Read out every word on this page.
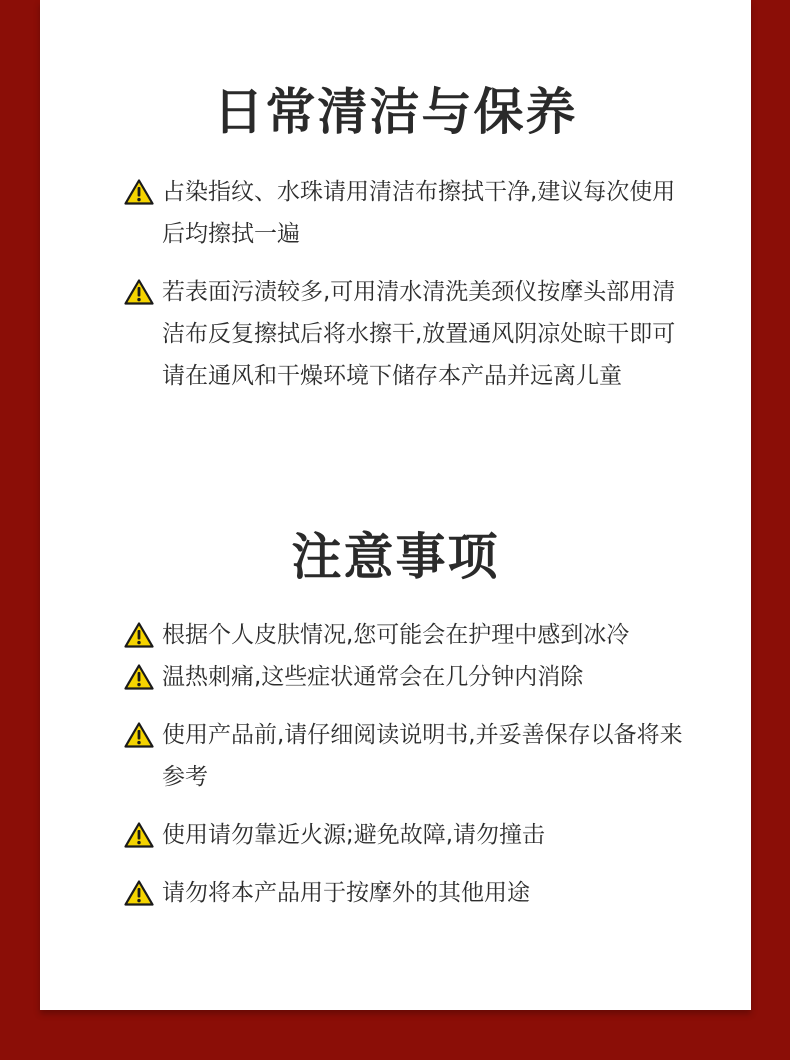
日常清洁与保养
占染指纹、水珠请用清洁布擦拭干净,建议每次使用后均擦拭一遍
若表面污渍较多,可用清水清洗美颈仪按摩头部用清洁布反复擦拭后将水擦干,放置通风阴凉处晾干即可请在通风和干燥环境下储存本产品并远离儿童
注意事项
根据个人皮肤情况,您可能会在护理中感到冰冷
温热刺痛,这些症状通常会在几分钟内消除
使用产品前,请仔细阅读说明书,并妥善保存以备将来参考
使用请勿靠近火源;避免故障,请勿撞击
请勿将本产品用于按摩外的其他用途
